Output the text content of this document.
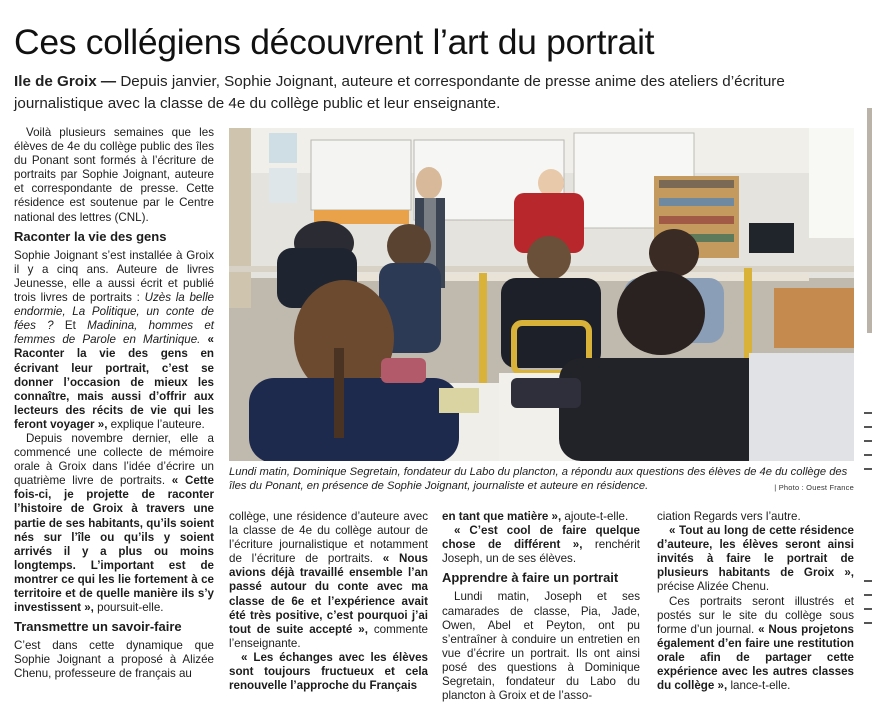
Ces collégiens découvrent l’art du portrait
Ile de Groix — Depuis janvier, Sophie Joignant, auteure et correspondante de presse anime des ateliers d’écriture journalistique avec la classe de 4e du collège public et leur enseignante.

Voilà plusieurs semaines que les élèves de 4e du collège public des îles du Ponant sont formés à l’écriture de portraits par Sophie Joignant, auteure et correspondante de presse. Cette résidence est soutenue par le Centre national des lettres (CNL).

Raconter la vie des gens

Sophie Joignant s’est installée à Groix il y a cinq ans. Auteure de livres Jeunesse, elle a aussi écrit et publié trois livres de portraits : Uzès la belle endormie, La Politique, un conte de fées ? Et Madinina, hommes et femmes de Parole en Martinique. « Raconter la vie des gens en écrivant leur portrait, c’est se donner l’occasion de mieux les connaître, mais aussi d’offrir aux lecteurs des récits de vie qui les feront voyager », explique l’auteure.

Depuis novembre dernier, elle a commencé une collecte de mémoire orale à Groix dans l’idée d’écrire un quatrième livre de portraits. « Cette fois-ci, je projette de raconter l’histoire de Groix à travers une partie de ses habitants, qu’ils soient nés sur l’île ou qu’ils y soient arrivés il y a plus ou moins longtemps. L’important est de montrer ce qui les lie fortement à ce territoire et de quelle manière ils s’y investissent », poursuit-elle.

Transmettre un savoir-faire

C’est dans cette dynamique que Sophie Joignant a proposé à Alizée Chenu, professeure de français au

Lundi matin, Dominique Segretain, fondateur du Labo du plancton, a répondu aux questions des élèves de 4e du collège des îles du Ponant, en présence de Sophie Joignant, journaliste et auteure en résidence.	| Photo : Ouest France

collège, une résidence d’auteure avec la classe de 4e du collège autour de l’écriture journalistique et notamment de l’écriture de portraits. « Nous avions déjà travaillé ensemble l’an passé autour du conte avec ma classe de 6e et l’expérience avait été très positive, c’est pourquoi j’ai tout de suite accepté », commente l’enseignante.

« Les échanges avec les élèves sont toujours fructueux et cela renouvelle l’approche du Français

en tant que matière », ajoute-t-elle.

« C’est cool de faire quelque chose de différent », renchérit Joseph, un de ses élèves.

Apprendre à faire un portrait

Lundi matin, Joseph et ses camarades de classe, Pia, Jade, Owen, Abel et Peyton, ont pu s’entraîner à conduire un entretien en vue d’écrire un portrait. Ils ont ainsi posé des questions à Dominique Segretain, fondateur du Labo du plancton à Groix et de l’asso-

ciation Regards vers l’autre.

« Tout au long de cette résidence d’auteure, les élèves seront ainsi invités à faire le portrait de plusieurs habitants de Groix », précise Alizée Chenu.

Ces portraits seront illustrés et postés sur le site du collège sous forme d’un journal. « Nous projetons également d’en faire une restitution orale afin de partager cette expérience avec les autres classes du collège », lance-t-elle.
